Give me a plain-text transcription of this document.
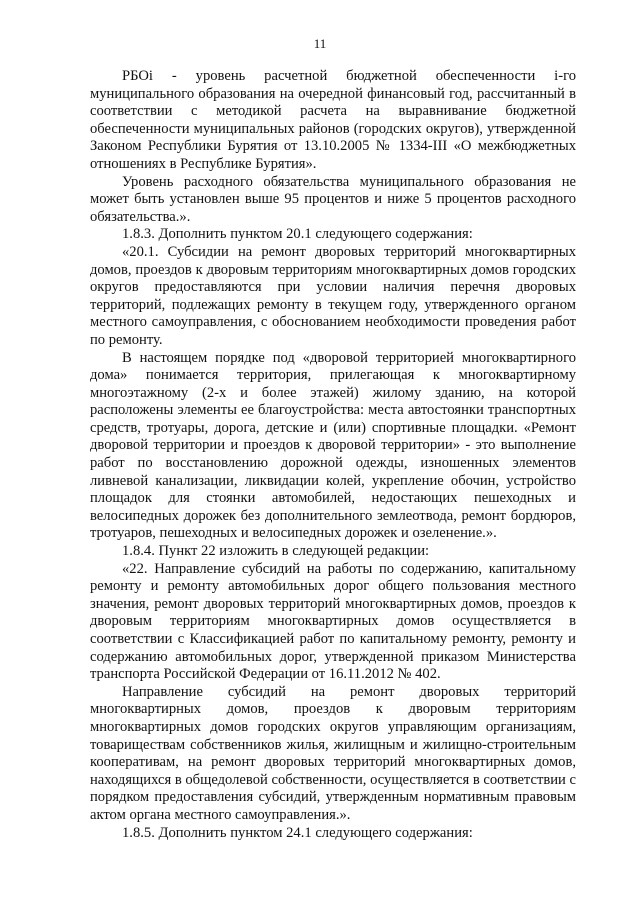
11

РБОi - уровень расчетной бюджетной обеспеченности i-го муниципального образования на очередной финансовый год, рассчитанный в соответствии с методикой расчета на выравнивание бюджетной обеспеченности муниципальных районов (городских округов), утвержденной Законом Республики Бурятия от 13.10.2005 № 1334-III «О межбюджетных отношениях в Республике Бурятия».

Уровень расходного обязательства муниципального образования не может быть установлен выше 95 процентов и ниже 5 процентов расходного обязательства.».

1.8.3. Дополнить пунктом 20.1 следующего содержания:

«20.1. Субсидии на ремонт дворовых территорий многоквартирных домов, проездов к дворовым территориям многоквартирных домов городских округов предоставляются при условии наличия перечня дворовых территорий, подлежащих ремонту в текущем году, утвержденного органом местного самоуправления, с обоснованием необходимости проведения работ по ремонту.

В настоящем порядке под «дворовой территорией многоквартирного дома» понимается территория, прилегающая к многоквартирному многоэтажному (2-х и более этажей) жилому зданию, на которой расположены элементы ее благоустройства: места автостоянки транспортных средств, тротуары, дорога, детские и (или) спортивные площадки. «Ремонт дворовой территории и проездов к дворовой территории» - это выполнение работ по восстановлению дорожной одежды, изношенных элементов ливневой канализации, ликвидации колей, укрепление обочин, устройство площадок для стоянки автомобилей, недостающих пешеходных и велосипедных дорожек без дополнительного землеотвода, ремонт бордюров, тротуаров, пешеходных и велосипедных дорожек и озеленение.».

1.8.4. Пункт 22 изложить в следующей редакции:

«22. Направление субсидий на работы по содержанию, капитальному ремонту и ремонту автомобильных дорог общего пользования местного значения, ремонт дворовых территорий многоквартирных домов, проездов к дворовым территориям многоквартирных домов осуществляется в соответствии с Классификацией работ по капитальному ремонту, ремонту и содержанию автомобильных дорог, утвержденной приказом Министерства транспорта Российской Федерации от 16.11.2012 № 402.

Направление субсидий на ремонт дворовых территорий многоквартирных домов, проездов к дворовым территориям многоквартирных домов городских округов управляющим организациям, товариществам собственников жилья, жилищным и жилищно-строительным кооперативам, на ремонт дворовых территорий многоквартирных домов, находящихся в общедолевой собственности, осуществляется в соответствии с порядком предоставления субсидий, утвержденным нормативным правовым актом органа местного самоуправления.».

1.8.5. Дополнить пунктом 24.1 следующего содержания:
